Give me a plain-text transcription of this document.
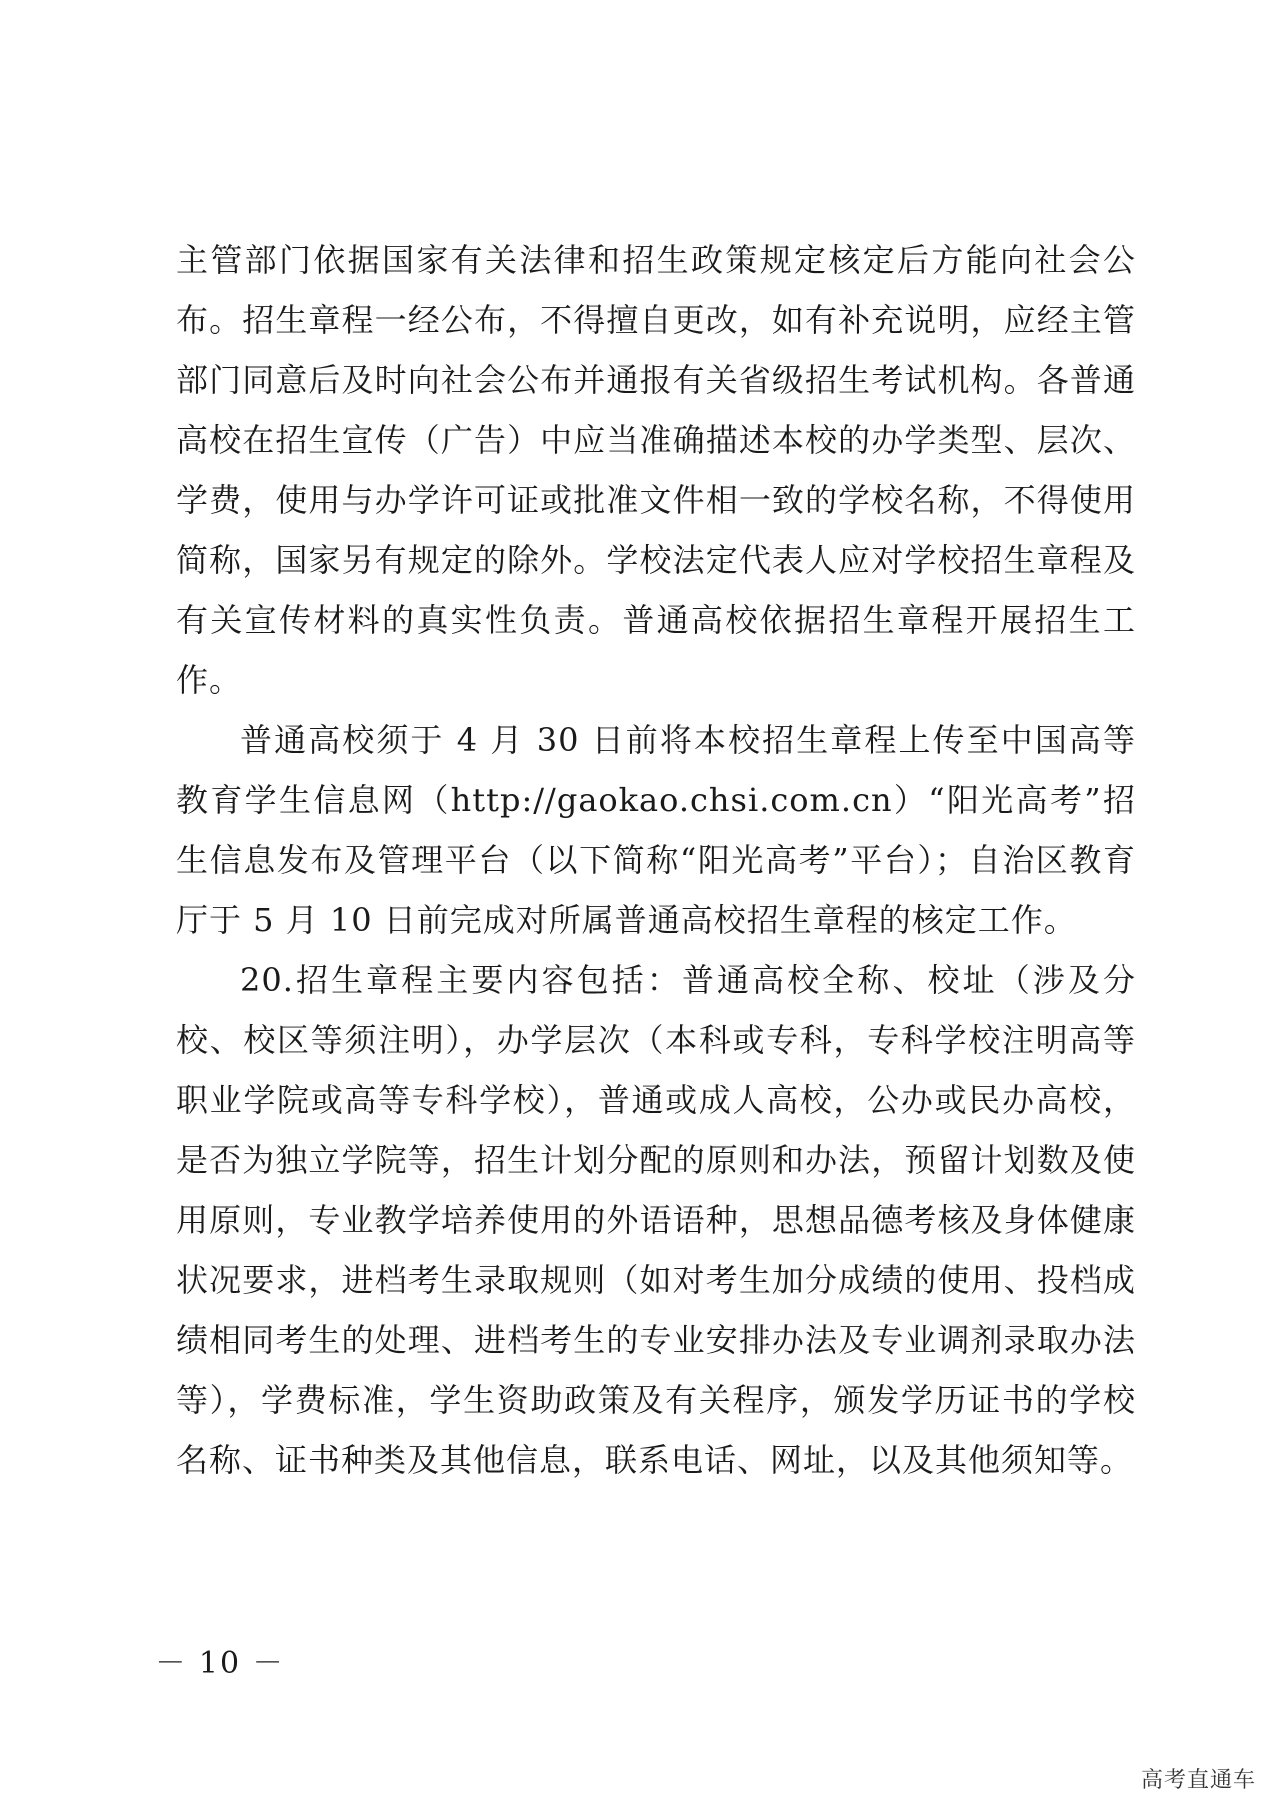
主管部门依据国家有关法律和招生政策规定核定后方能向社会公布。招生章程一经公布，不得擅自更改，如有补充说明，应经主管部门同意后及时向社会公布并通报有关省级招生考试机构。各普通高校在招生宣传（广告）中应当准确描述本校的办学类型、层次、学费，使用与办学许可证或批准文件相一致的学校名称，不得使用简称，国家另有规定的除外。学校法定代表人应对学校招生章程及有关宣传材料的真实性负责。普通高校依据招生章程开展招生工作。

普通高校须于 4 月 30 日前将本校招生章程上传至中国高等教育学生信息网（http://gaokao.chsi.com.cn）“阳光高考”招生信息发布及管理平台（以下简称“阳光高考”平台）；自治区教育厅于 5 月 10 日前完成对所属普通高校招生章程的核定工作。

20.招生章程主要内容包括：普通高校全称、校址（涉及分校、校区等须注明），办学层次（本科或专科，专科学校注明高等职业学院或高等专科学校），普通或成人高校，公办或民办高校，是否为独立学院等，招生计划分配的原则和办法，预留计划数及使用原则，专业教学培养使用的外语语种，思想品德考核及身体健康状况要求，进档考生录取规则（如对考生加分成绩的使用、投档成绩相同考生的处理、进档考生的专业安排办法及专业调剂录取办法等），学费标准，学生资助政策及有关程序，颁发学历证书的学校名称、证书种类及其他信息，联系电话、网址，以及其他须知等。

－ 10 －
高考直通车
